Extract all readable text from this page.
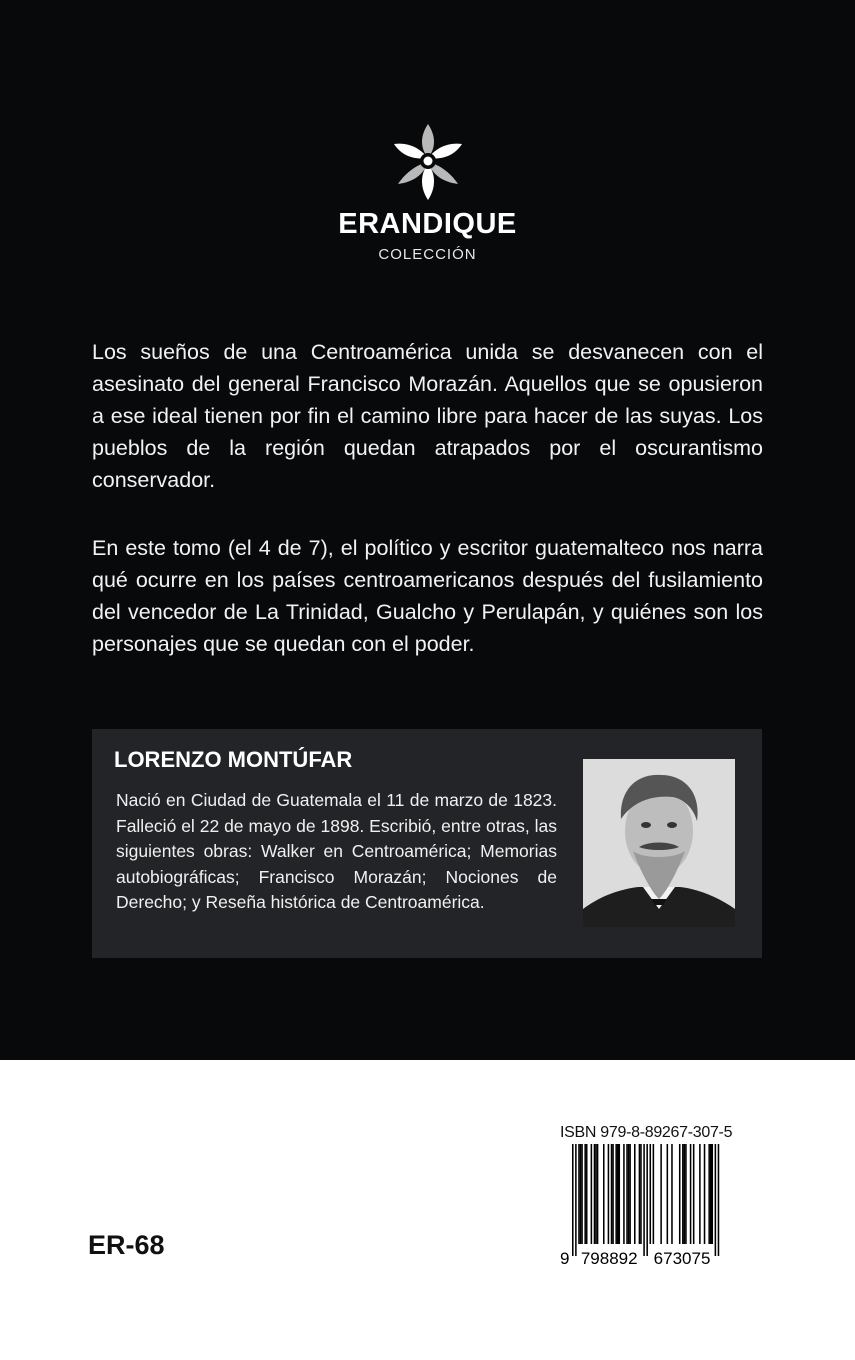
ERANDIQUE
COLECCIÓN
Los sueños de una Centroamérica unida se desvanecen con el asesinato del general Francisco Morazán. Aquellos que se opusieron a ese ideal tienen por fin el camino libre para hacer de las suyas. Los pueblos de la región quedan atrapados por el oscurantismo conservador.
En este tomo (el 4 de 7), el político y escritor guatemalteco nos narra qué ocurre en los países centroamericanos después del fusilamiento del vencedor de La Trinidad, Gualcho y Perulapán, y quiénes son los personajes que se quedan con el poder.
LORENZO MONTÚFAR
Nació en Ciudad de Guatemala el 11 de marzo de 1823. Falleció el 22 de mayo de 1898. Escribió, entre otras, las siguientes obras: Walker en Centroamérica; Memorias autobiográficas; Francisco Morazán; Nociones de Derecho; y Reseña histórica de Centroamérica.
ISBN 979-8-89267-307-5
9 798892 673075
ER-68
